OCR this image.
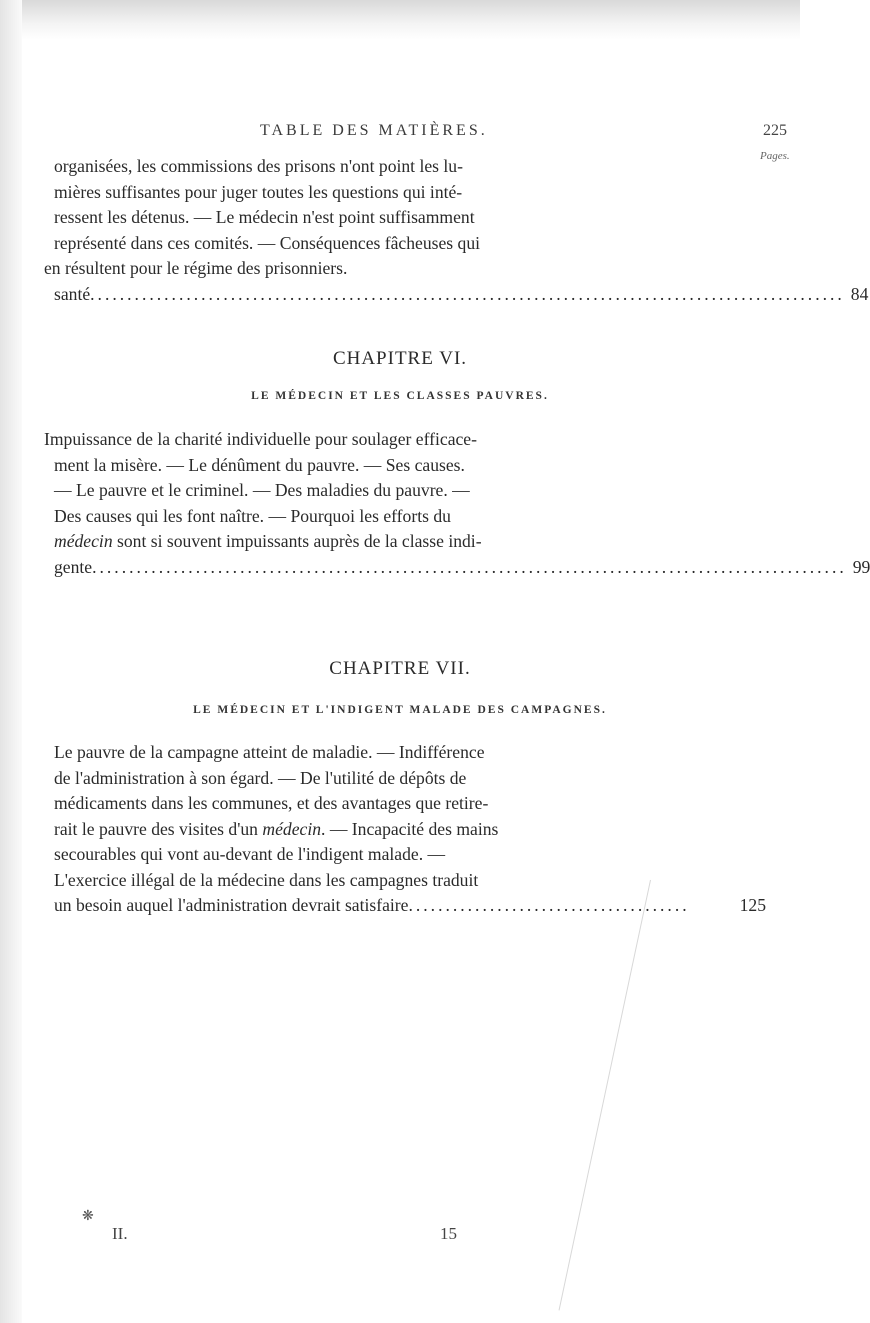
TABLE DES MATIÈRES.	225
Pages.
organisées, les commissions des prisons n'ont point les lu-
mières suffisantes pour juger toutes les questions qui inté-
ressent les détenus. — Le médecin n'est point suffisamment
représenté dans ces comités. — Conséquences fâcheuses qui
en résultent pour le régime des prisonniers.
santé ...................................................................................................... 84
CHAPITRE VI.
LE MÉDECIN ET LES CLASSES PAUVRES.
Impuissance de la charité individuelle pour soulager efficace-
ment la misère. — Le dénûment du pauvre. — Ses causes.
— Le pauvre et le criminel. — Des maladies du pauvre. —
Des causes qui les font naître. — Pourquoi les efforts du
médecin sont si souvent impuissants auprès de la classe indi-
gente ...................................................................................................... 99
CHAPITRE VII.
LE MÉDECIN ET L'INDIGENT MALADE DES CAMPAGNES.
Le pauvre de la campagne atteint de maladie. — Indifférence
de l'administration à son égard. — De l'utilité de dépôts de
médicaments dans les communes, et des avantages que retire-
rait le pauvre des visites d'un médecin. — Incapacité des mains
secourables qui vont au-devant de l'indigent malade. —
L'exercice illégal de la médecine dans les campagnes traduit
un besoin auquel l'administration devrait satisfaire ......................................	125
❋
II.	15
